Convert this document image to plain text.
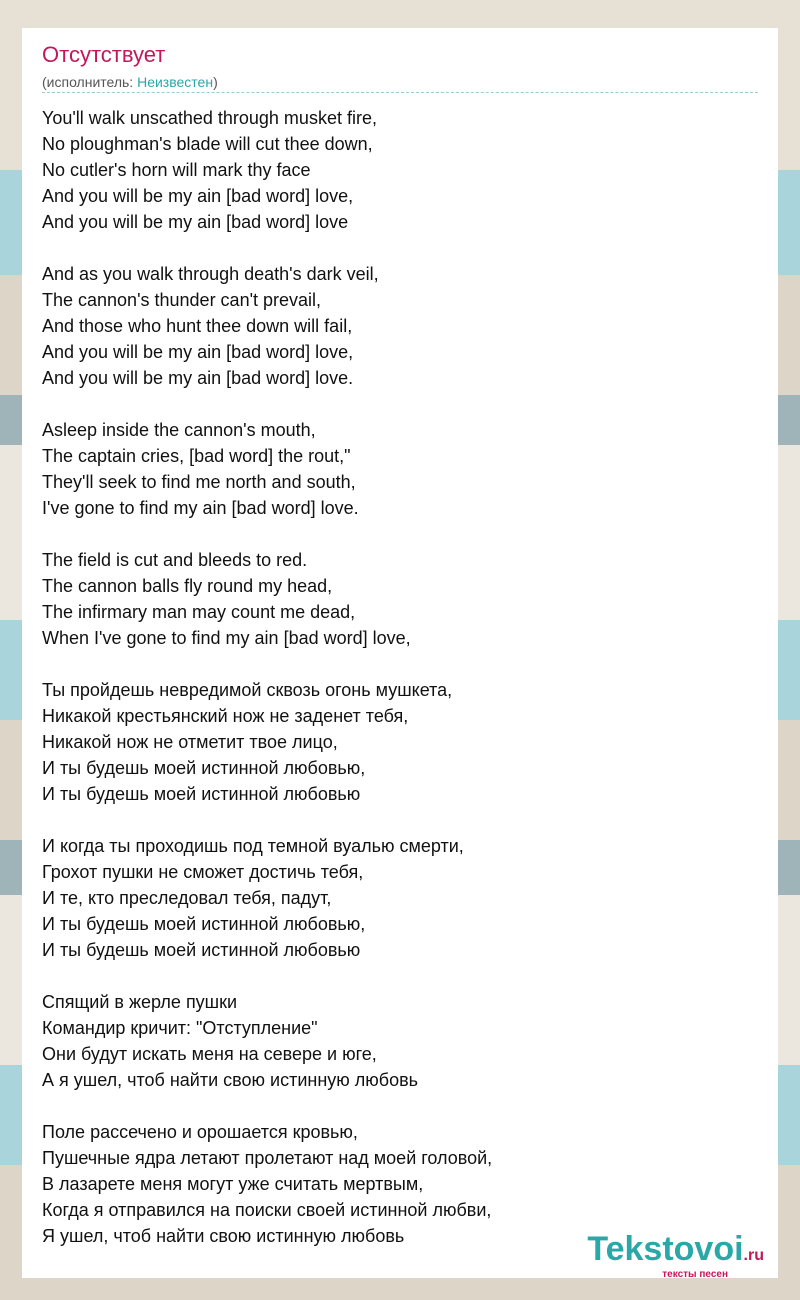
Отсутствует
(исполнитель: Неизвестен)
You'll walk unscathed through musket fire,
No ploughman's blade will cut thee down,
No cutler's horn will mark thy face
And you will be my ain [bad word] love,
And you will be my ain [bad word] love
And as you walk through death's dark veil,
The cannon's thunder can't prevail,
And those who hunt thee down will fail,
And you will be my ain [bad word] love,
And you will be my ain [bad word] love.
Asleep inside the cannon's mouth,
The captain cries, [bad word] the rout,"
They'll seek to find me north and south,
I've gone to find my ain [bad word] love.
The field is cut and bleeds to red.
The cannon balls fly round my head,
The infirmary man may count me dead,
When I've gone to find my ain [bad word] love,
Ты пройдешь невредимой сквозь огонь мушкета,
Никакой крестьянский нож не заденет тебя,
Никакой нож не отметит твое лицо,
И ты будешь моей истинной любовью,
И ты будешь моей истинной любовью
И когда ты проходишь под темной вуалью смерти,
Грохот пушки не сможет достичь тебя,
И те, кто преследовал тебя, падут,
И ты будешь моей истинной любовью,
И ты будешь моей истинной любовью
Спящий в жерле пушки
Командир кричит: "Отступление"
Они будут искать меня на севере и юге,
А я ушел, чтоб найти свою истинную любовь
Поле рассечено и орошается кровью,
Пушечные ядра летают пролетают над моей головой,
В лазарете меня могут уже считать мертвым,
Когда я отправился на поиски своей истинной любви,
Я ушел, чтоб найти свою истинную любовь	Tekstovoi.ru
тексты песен
